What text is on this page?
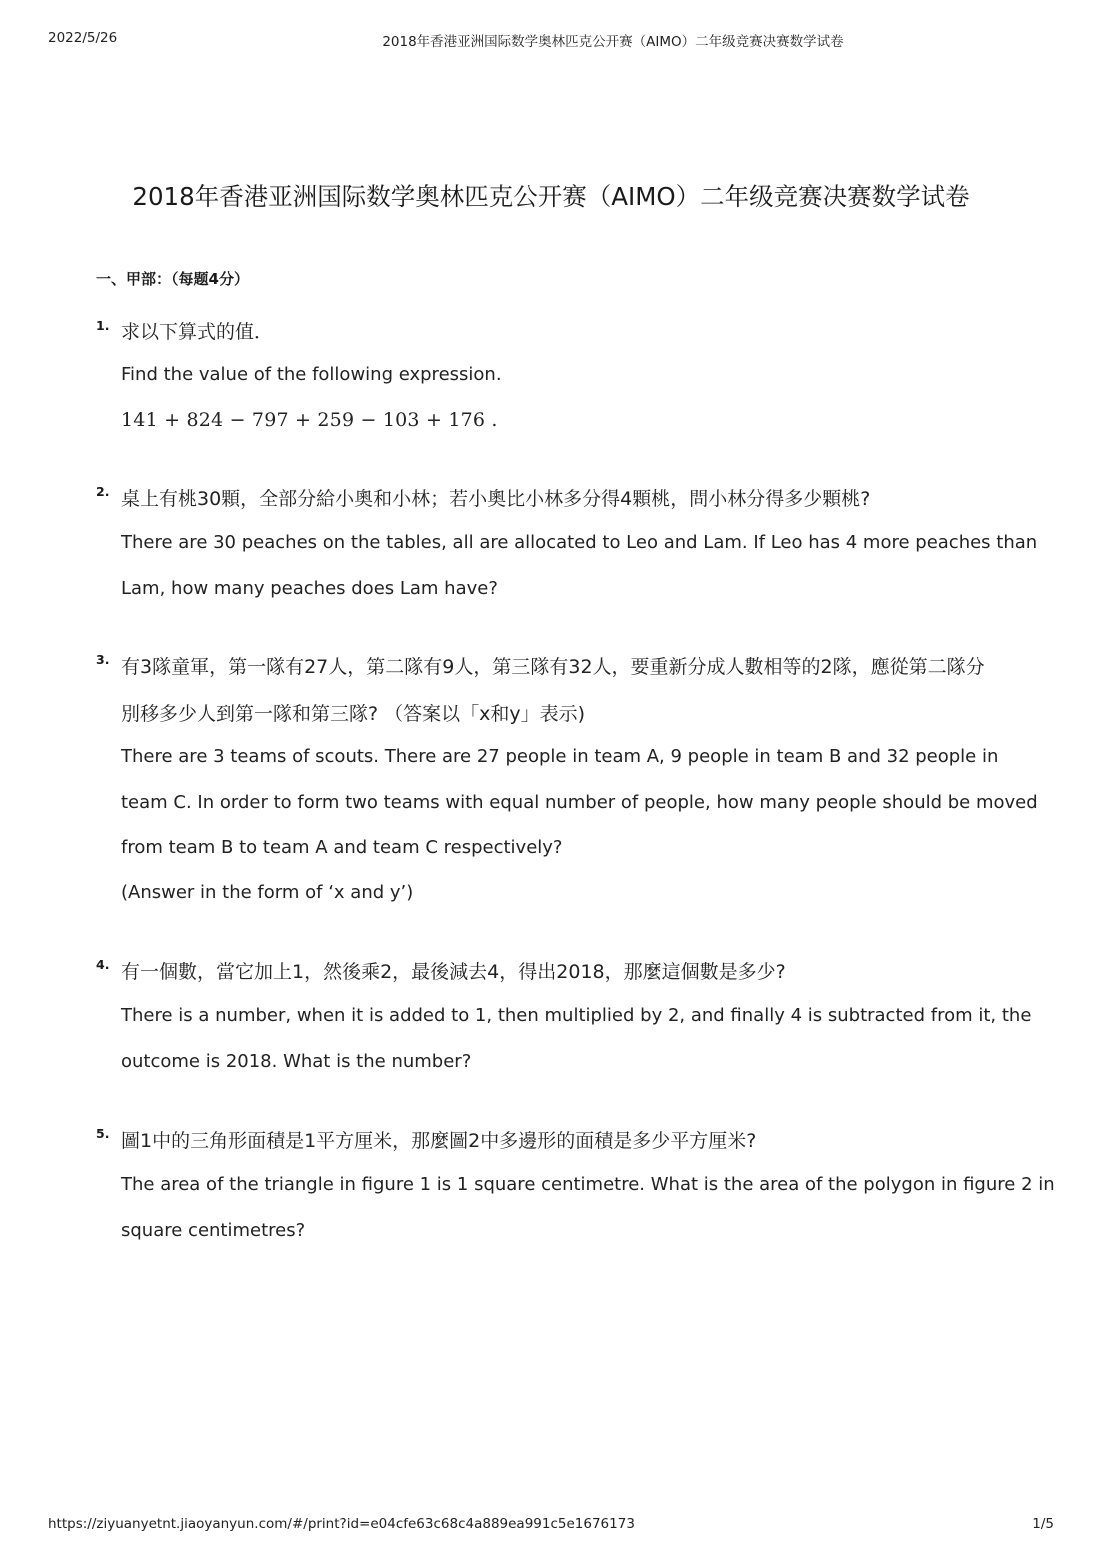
2022/5/26	2018年香港亚洲国际数学奥林匹克公开赛（AIMO）二年级竞赛决赛数学试卷
2018年香港亚洲国际数学奥林匹克公开赛（AIMO）二年级竞赛决赛数学试卷
一、甲部：（每题4分）
1. 求以下算式的值．
Find the value of the following expression.
141 + 824 − 797 + 259 − 103 + 176 .
2. 桌上有桃30顆，全部分給小奧和小林；若小奧比小林多分得4顆桃，問小林分得多少顆桃?
There are 30 peaches on the tables, all are allocated to Leo and Lam. If Leo has 4 more peaches than
Lam, how many peaches does Lam have?
3. 有3隊童軍，第一隊有27人，第二隊有9人，第三隊有32人，要重新分成人數相等的2隊，應從第二隊分
別移多少人到第一隊和第三隊? （答案以「x和y」表示)
There are 3 teams of scouts. There are 27 people in team A, 9 people in team B and 32 people in
team C. In order to form two teams with equal number of people, how many people should be moved
from team B to team A and team C respectively?
(Answer in the form of ‘x and y’)
4. 有一個數，當它加上1，然後乘2，最後減去4，得出2018，那麼這個數是多少?
There is a number, when it is added to 1, then multiplied by 2, and finally 4 is subtracted from it, the
outcome is 2018. What is the number?
5. 圖1中的三角形面積是1平方厘米，那麼圖2中多邊形的面積是多少平方厘米?
The area of the triangle in figure 1 is 1 square centimetre. What is the area of the polygon in figure 2 in
square centimetres?
https://ziyuanyetnt.jiaoyanyun.com/#/print?id=e04cfe63c68c4a889ea991c5e1676173	1/5
